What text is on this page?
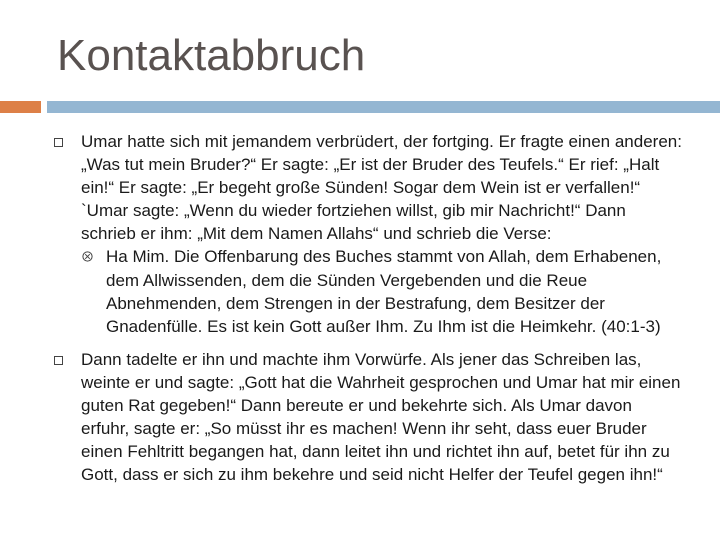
Kontaktabbruch
Umar hatte sich mit jemandem verbrüdert, der fortging. Er fragte einen anderen: „Was tut mein Bruder?“ Er sagte: „Er ist der Bruder des Teufels.“ Er rief: „Halt ein!“ Er sagte: „Er begeht große Sünden! Sogar dem Wein ist er verfallen!“ `Umar sagte: „Wenn du wieder fortziehen willst, gib mir Nachricht!“ Dann schrieb er ihm: „Mit dem Namen Allahs“ und schrieb die Verse:
Ha Mim. Die Offenbarung des Buches stammt von Allah, dem Erhabenen, dem Allwissenden, dem die Sünden Vergebenden und die Reue Abnehmenden, dem Strengen in der Bestrafung, dem Besitzer der Gnadenfülle. Es ist kein Gott außer Ihm. Zu Ihm ist die Heimkehr. (40:1-3)
Dann tadelte er ihn und machte ihm Vorwürfe. Als jener das Schreiben las, weinte er und sagte: „Gott hat die Wahrheit gesprochen und Umar hat mir einen guten Rat gegeben!“ Dann bereute er und bekehrte sich. Als Umar davon erfuhr, sagte er: „So müsst ihr es machen! Wenn ihr seht, dass euer Bruder einen Fehltritt begangen hat, dann leitet ihn und richtet ihn auf, betet für ihn zu Gott, dass er sich zu ihm bekehre und seid nicht Helfer der Teufel gegen ihn!“
